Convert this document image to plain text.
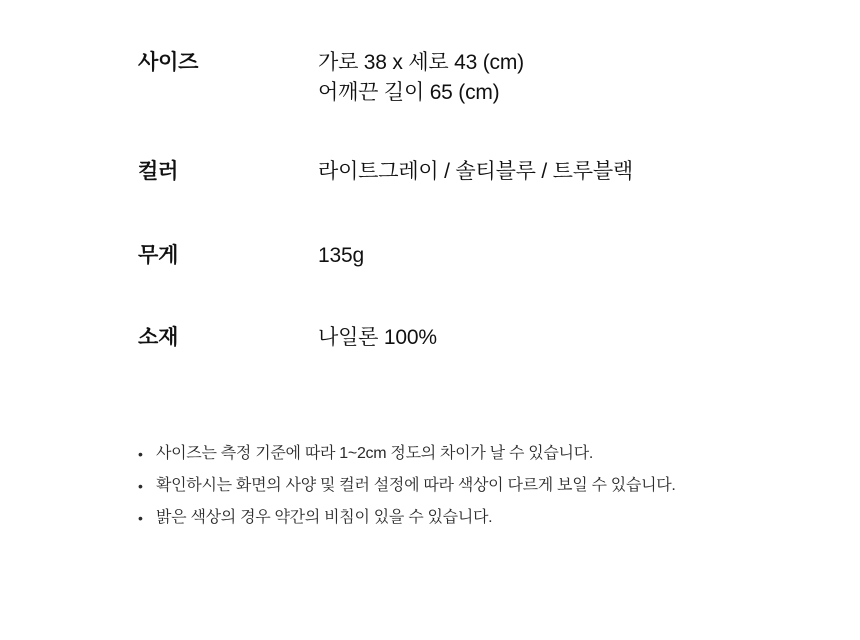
사이즈	가로 38 x 세로 43 (cm)
어깨끈 길이 65 (cm)
컬러	라이트그레이 / 솔티블루 / 트루블랙
무게	135g
소재	나일론 100%
• 사이즈는 측정 기준에 따라 1~2cm 정도의 차이가 날 수 있습니다.
• 확인하시는 화면의 사양 및 컬러 설정에 따라 색상이 다르게 보일 수 있습니다.
• 밝은 색상의 경우 약간의 비침이 있을 수 있습니다.
